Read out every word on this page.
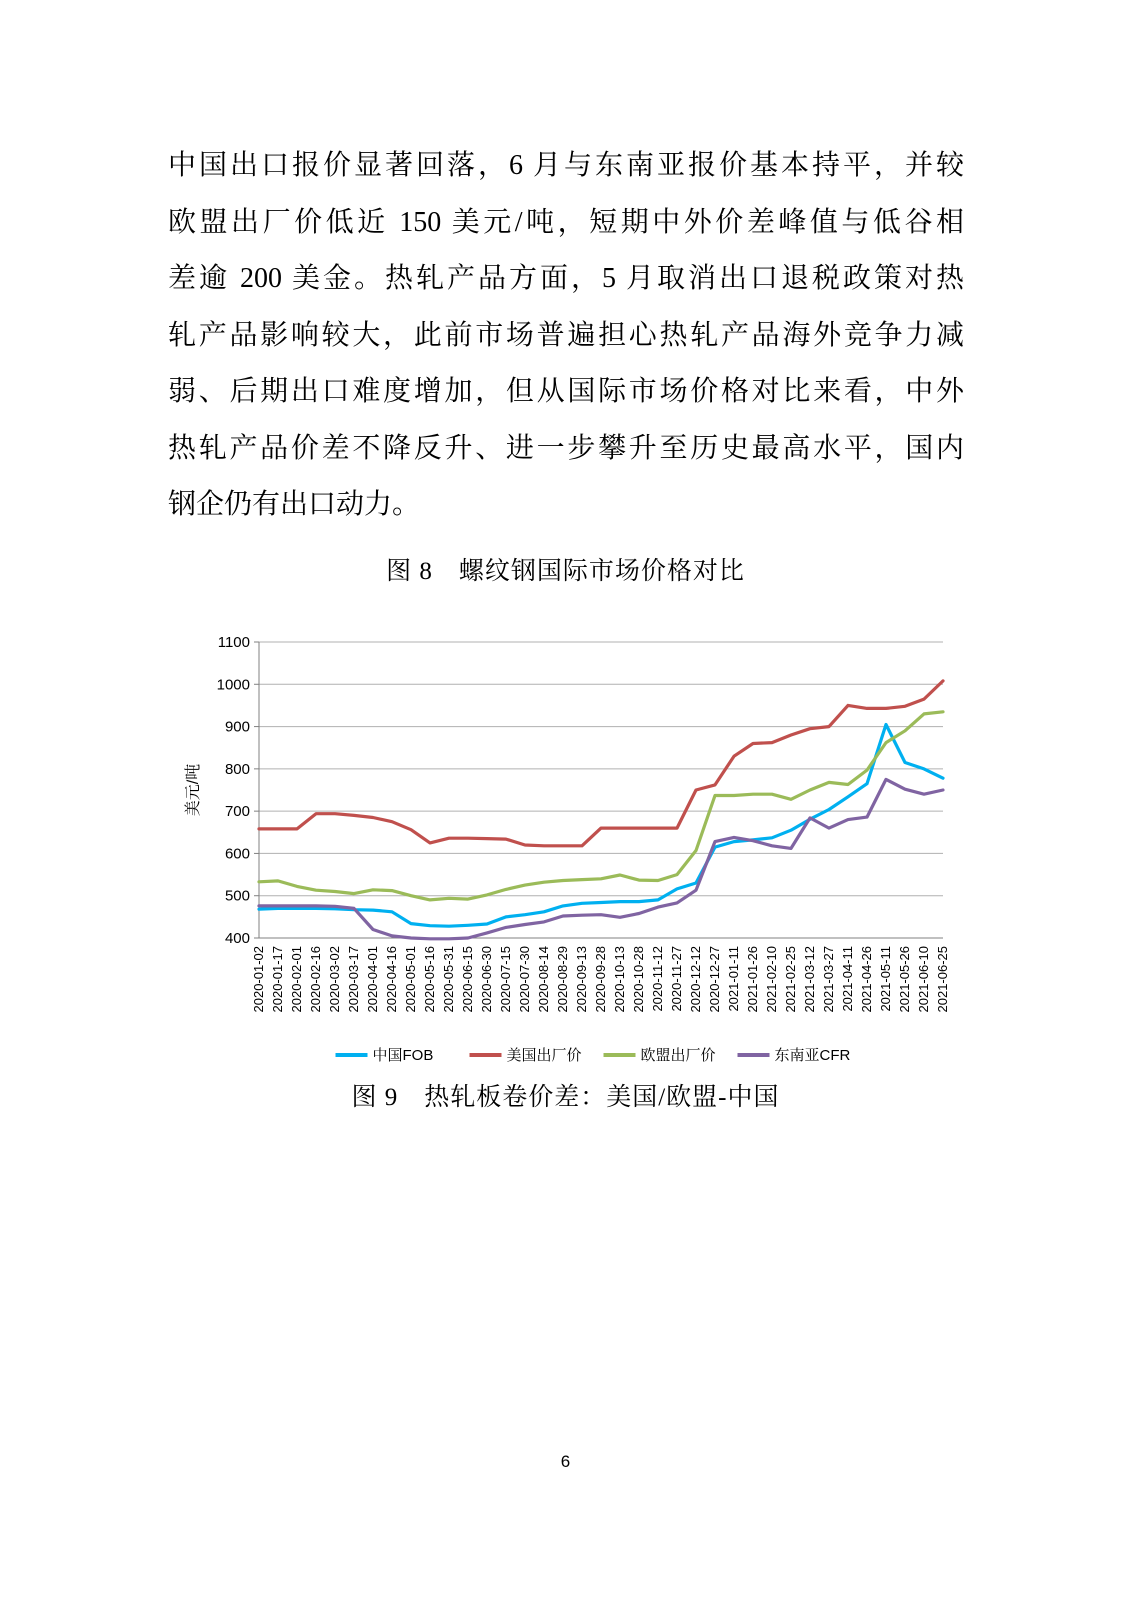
中国出口报价显著回落，6 月与东南亚报价基本持平，并较
欧盟出厂价低近 150 美元/吨，短期中外价差峰值与低谷相
差逾 200 美金。热轧产品方面，5 月取消出口退税政策对热
轧产品影响较大，此前市场普遍担心热轧产品海外竞争力减
弱、后期出口难度增加，但从国际市场价格对比来看，中外
热轧产品价差不降反升、进一步攀升至历史最高水平，国内
钢企仍有出口动力。
图 8　螺纹钢国际市场价格对比
400
500
600
700
800
900
1000
1100
美元/吨
2020-01-02 2020-01-17 2020-02-01 2020-02-16 2020-03-02 2020-03-17 2020-04-01 2020-04-16 2020-05-01 2020-05-16 2020-05-31 2020-06-15 2020-06-30 2020-07-15 2020-07-30 2020-08-14 2020-08-29 2020-09-13 2020-09-28 2020-10-13 2020-10-28 2020-11-12 2020-11-27 2020-12-12 2020-12-27 2021-01-11 2021-01-26 2021-02-10 2021-02-25 2021-03-12 2021-03-27 2021-04-11 2021-04-26 2021-05-11 2021-05-26 2021-06-10 2021-06-25
中国FOB	美国出厂价	欧盟出厂价	东南亚CFR
图 9　热轧板卷价差：美国/欧盟-中国
6
